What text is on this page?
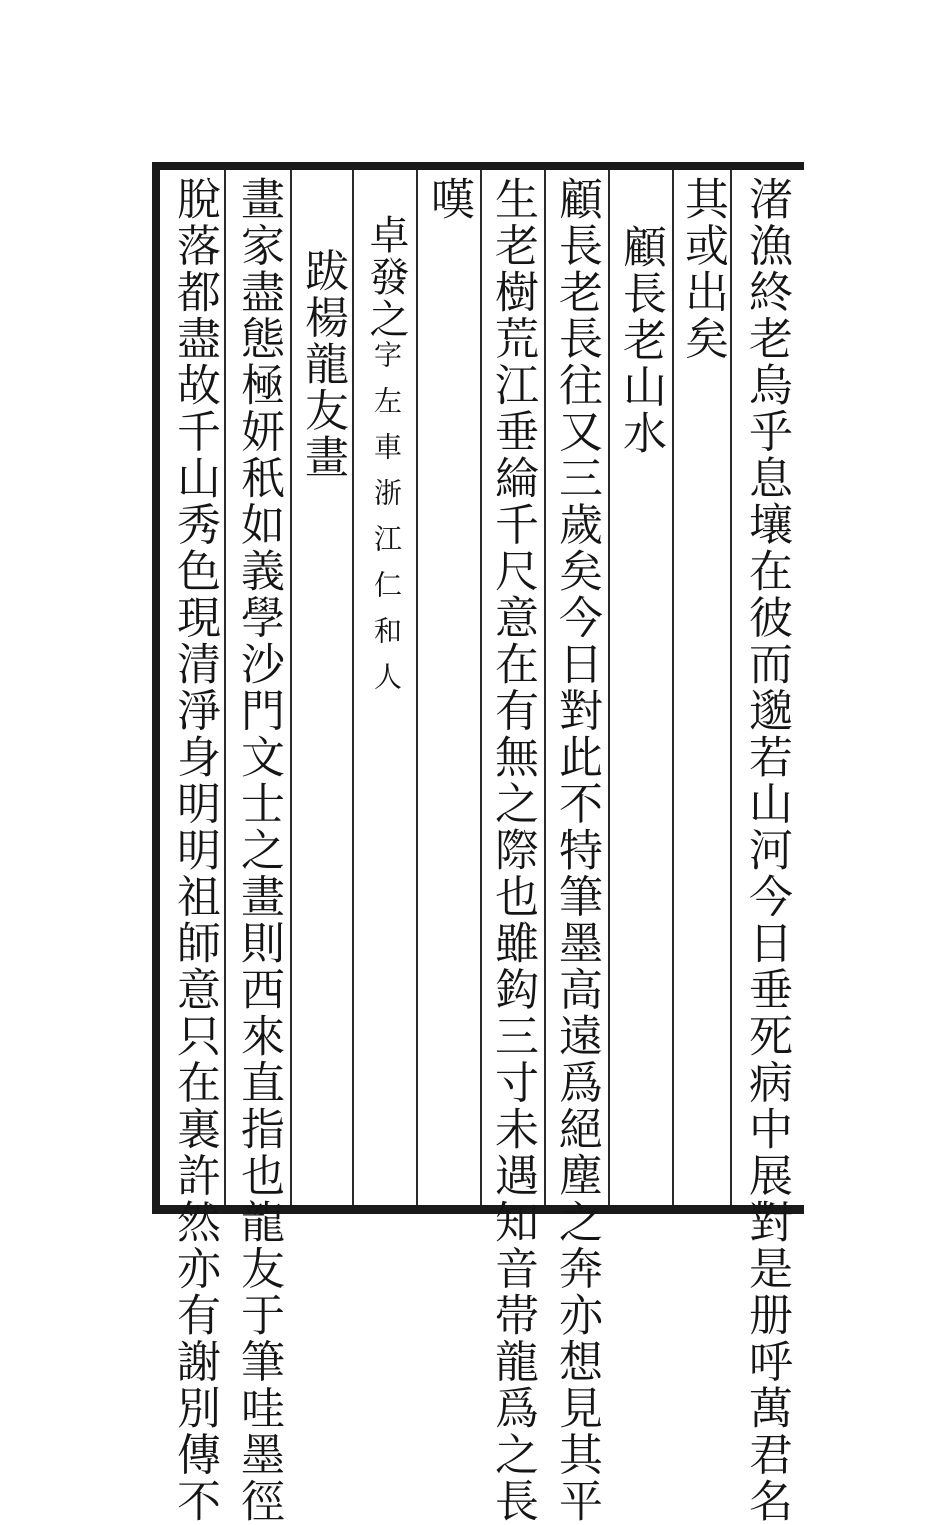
渚漁終老烏乎息壤在彼而邈若山河今日垂死病中展對是册呼萬君名
其或出矣
顧長老山水
顧長老長往又三歲矣今日對此不特筆墨高遠爲絕塵之奔亦想見其平
生老樹荒江垂綸千尺意在有無之際也雖鈎三寸未遇知音帯龍爲之長
嘆
卓發之字左車浙江仁和人
跋楊龍友畫
畫家盡態極妍秖如義學沙門文士之畫則西來直指也龍友于筆哇墨徑
脫落都盡故千山秀色現清淨身明明祖師意只在裏許然亦有謝別傳不
